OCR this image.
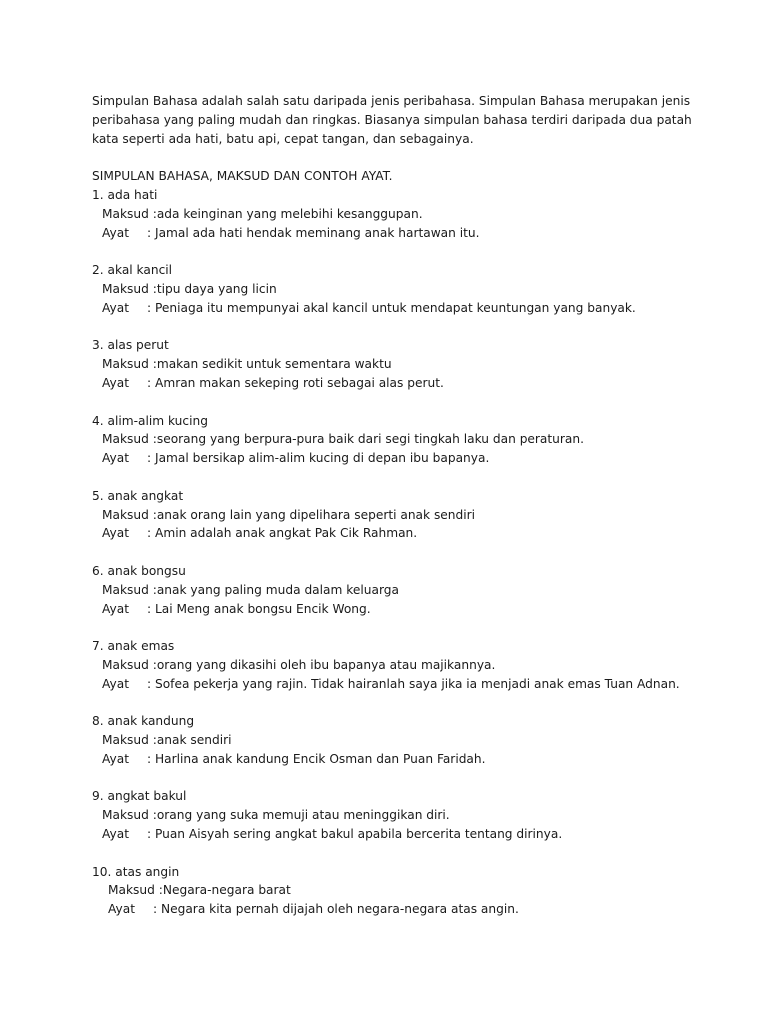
Simpulan Bahasa adalah salah satu daripada jenis peribahasa. Simpulan Bahasa merupakan jenis peribahasa yang paling mudah dan ringkas. Biasanya simpulan bahasa terdiri daripada dua patah kata seperti ada hati, batu api, cepat tangan, dan sebagainya.

SIMPULAN BAHASA, MAKSUD DAN CONTOH AYAT.

1. ada hati

Maksud :ada keinginan yang melebihi kesanggupan.

Ayat : Jamal ada hati hendak meminang anak hartawan itu.

2. akal kancil

Maksud :tipu daya yang licin

Ayat : Peniaga itu mempunyai akal kancil untuk mendapat keuntungan yang banyak.

3. alas perut

Maksud :makan sedikit untuk sementara waktu

Ayat : Amran makan sekeping roti sebagai alas perut.

4. alim-alim kucing

Maksud :seorang yang berpura-pura baik dari segi tingkah laku dan peraturan.

Ayat : Jamal bersikap alim-alim kucing di depan ibu bapanya.

5. anak angkat

Maksud :anak orang lain yang dipelihara seperti anak sendiri

Ayat : Amin adalah anak angkat Pak Cik Rahman.

6. anak bongsu

Maksud :anak yang paling muda dalam keluarga

Ayat : Lai Meng anak bongsu Encik Wong.

7. anak emas

Maksud :orang yang dikasihi oleh ibu bapanya atau majikannya.

Ayat : Sofea pekerja yang rajin. Tidak hairanlah saya jika ia menjadi anak emas Tuan Adnan.

8. anak kandung

Maksud :anak sendiri

Ayat : Harlina anak kandung Encik Osman dan Puan Faridah.

9. angkat bakul

Maksud :orang yang suka memuji atau meninggikan diri.

Ayat : Puan Aisyah sering angkat bakul apabila bercerita tentang dirinya.

10. atas angin

Maksud :Negara-negara barat

Ayat : Negara kita pernah dijajah oleh negara-negara atas angin.
